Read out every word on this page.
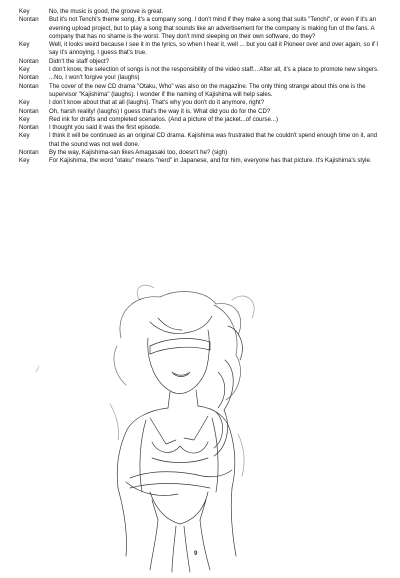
Key	No, the music is good, the groove is great.
Nontan	But it's not Tenchi's theme song, it's a company song. I don't mind if they make a song that suits "Tenchi", or even if it's an evening upload project, but to play a song that sounds like an advertisement for the company is making fun of the fans. A company that has no shame is the worst. They don't mind sleeping on their own software, do they?
Key	Well, it looks weird because I see it in the lyrics, so when I hear it, well ... but you call it Pioneer over and over again, so if I say it's annoying, I guess that's true.
Nontan	Didn't the staff object?
Key	I don't know, the selection of songs is not the responsibility of the video staff... After all, it's a place to promote new singers.
Nontan	...No, I won't forgive you! (laughs)
Nontan	The cover of the new CD drama "Otaku, Who" was also on the magazine. The only thing strange about this one is the supervisor "Kajishima" (laughs). I wonder if the naming of Kajishima will help sales.
Key	I don't know about that at all (laughs). That's why you don't do it anymore, right?
Nontan	Oh, harsh reality! (laughs) I guess that's the way it is. What did you do for the CD?
Key	Red ink for drafts and completed scenarios. (And a picture of the jacket...of course...)
Nontan	I thought you said it was the first episode.
Key	I think it will be continued as an original CD drama. Kajishima was frustrated that he couldn't spend enough time on it, and that the sound was not well done.
Nontan	By the way, Kajishima-san likes Amagasaki too, doesn't he? (sigh)
Key	For Kajishima, the word "otaku" means "nerd" in Japanese, and for him, everyone has that picture. It's Kajishima's style.
9
